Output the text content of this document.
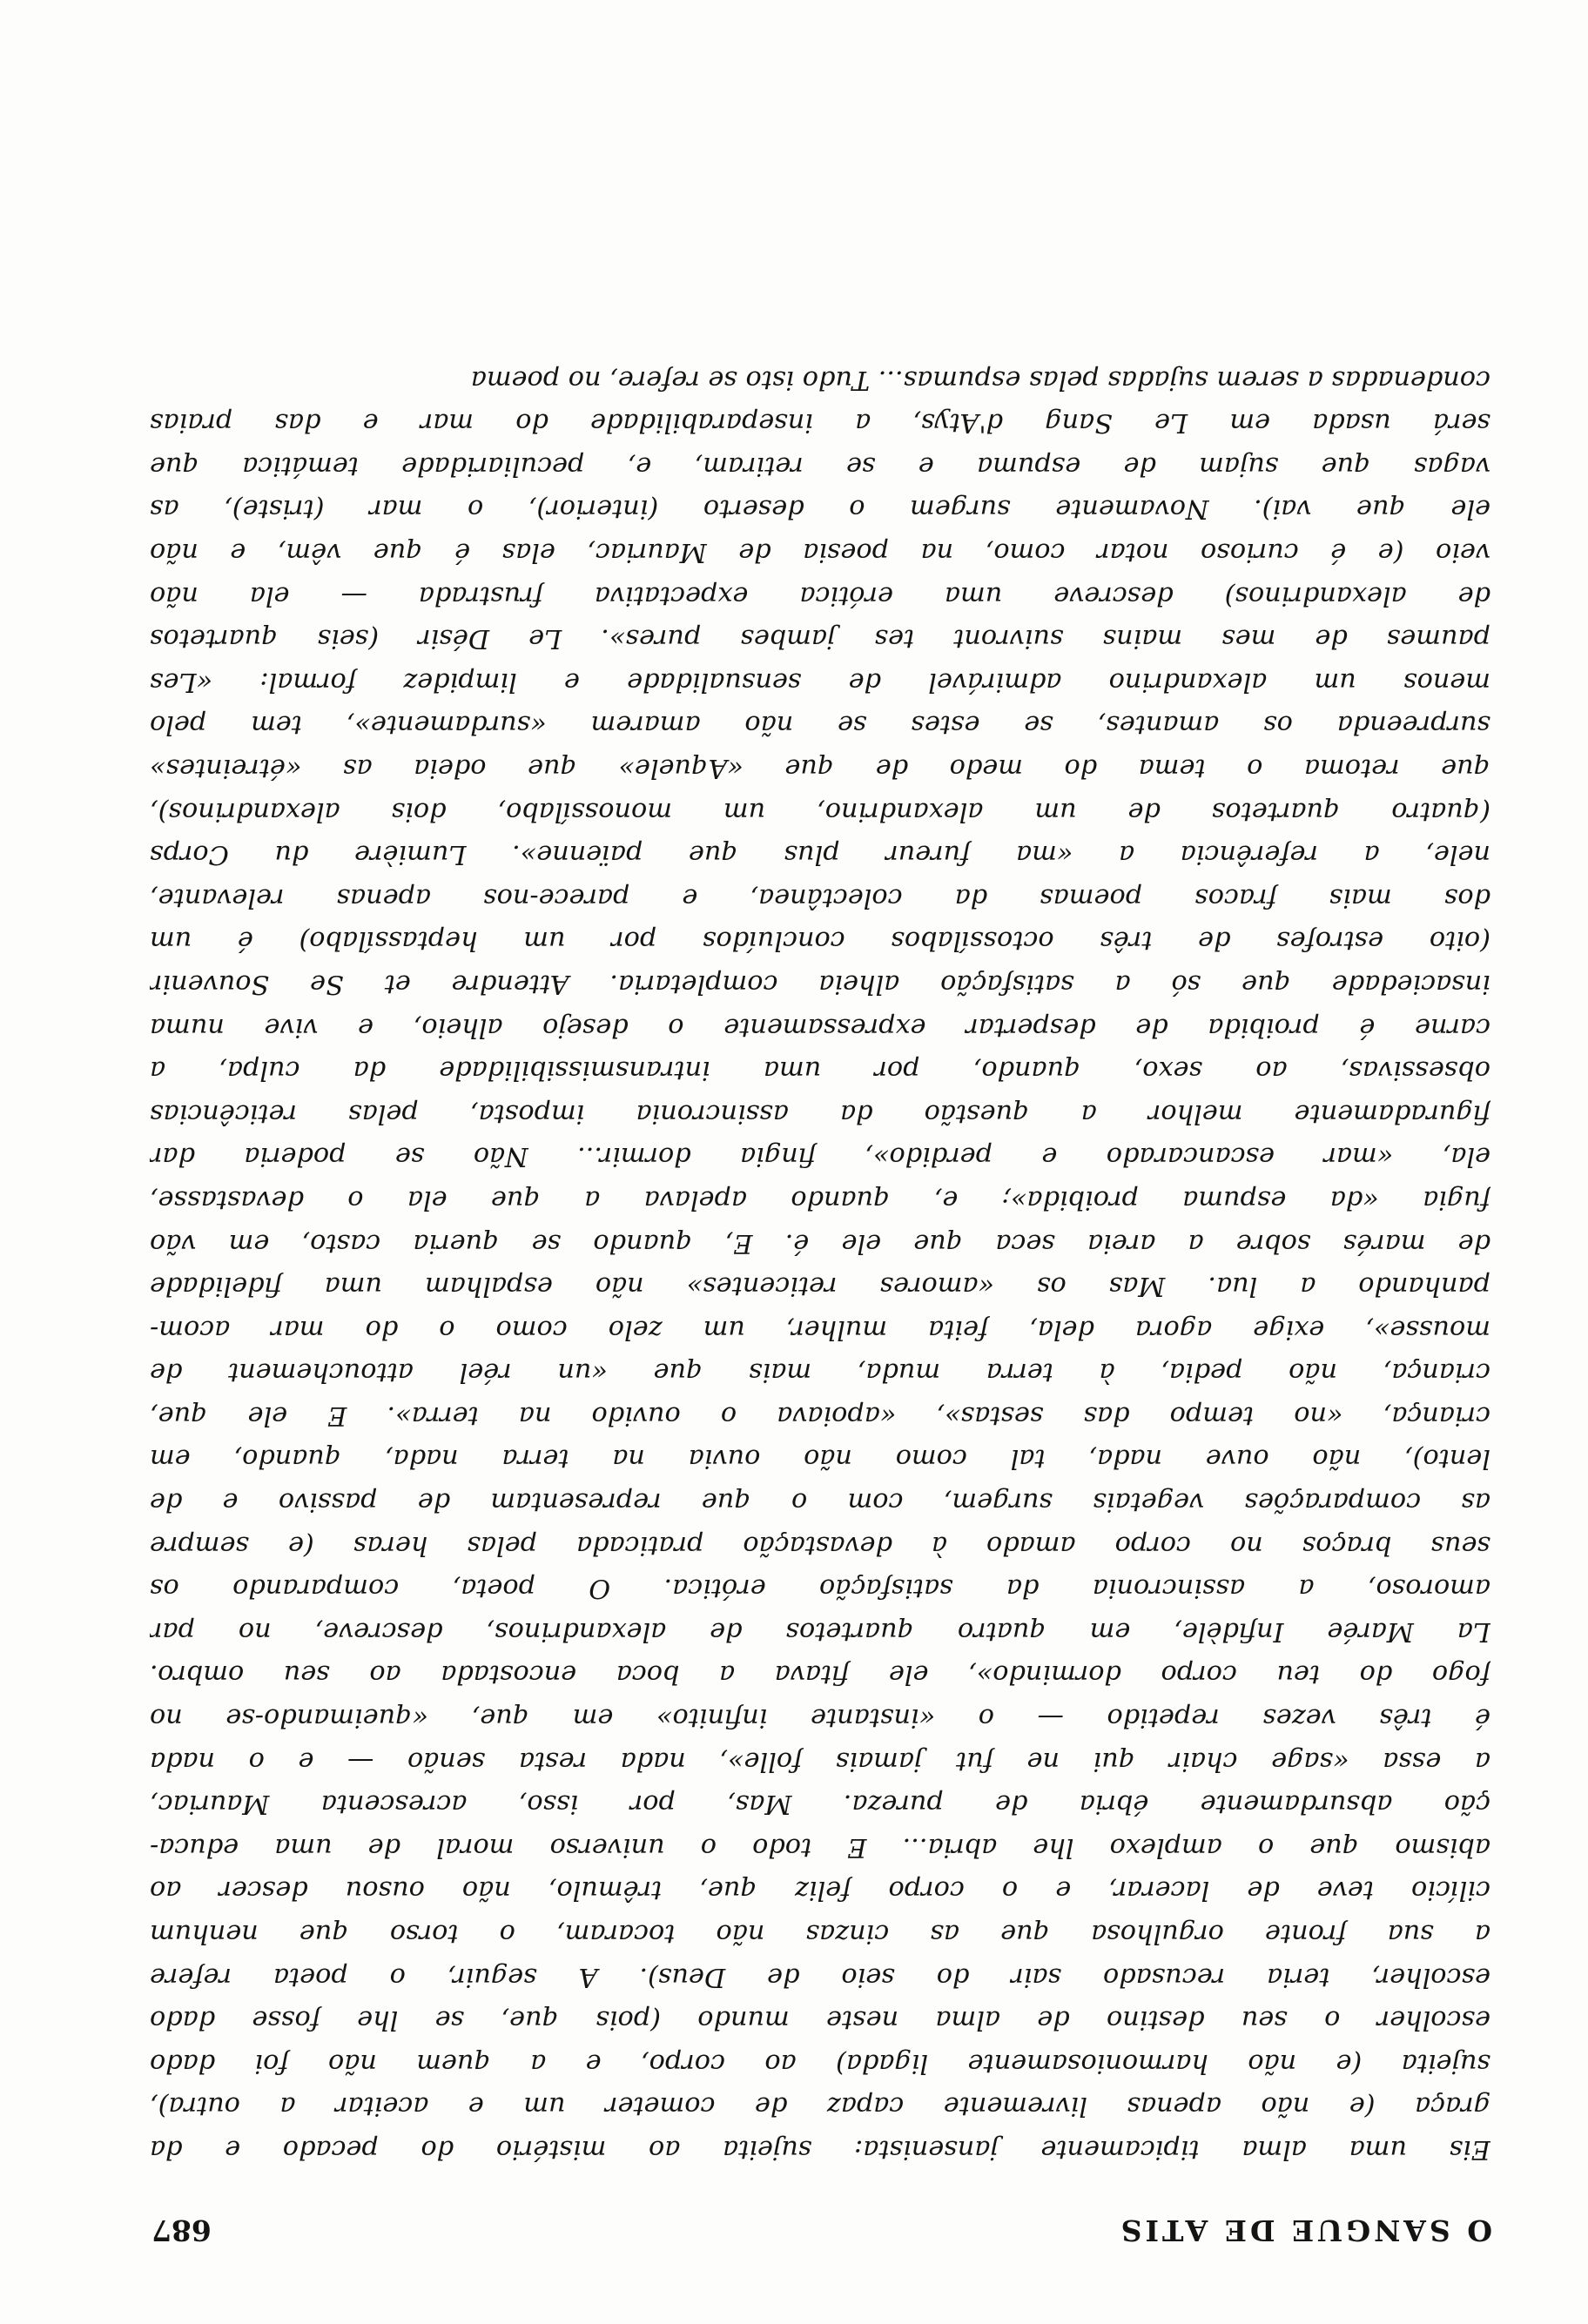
O SANGUE DE ATIS
687
Eis uma alma tipicamente jansenista: sujeita ao mistério do pecado e da
graça (e não apenas livremente capaz de cometer um e aceitar a outra),
sujeita (e não harmoniosamente ligada) ao corpo, e a quem não foi dado
escolher o seu destino de alma neste mundo (pois que, se lhe fosse dado
escolher, teria recusado sair do seio de Deus). A seguir, o poeta refere
a sua fronte orgulhosa que as cinzas não tocaram, o torso que nenhum
cilício teve de lacerar, e o corpo feliz que, trêmulo, não ousou descer ao
abismo que o amplexo lhe abria... E todo o universo moral de uma educa-
ção absurdamente ébria de pureza. Mas, por isso, acrescenta Mauriac,
a essa «sage chair qui ne fut jamais folle», nada resta senão — e o nada
é três vezes repetido — o «instante infinito» em que, «queimando-se no
fogo do teu corpo dormindo», ele fitava a boca encostada ao seu ombro.
La Marée Infidèle, em quatro quartetos de alexandrinos, descreve, no par
amoroso, a assincronia da satisfação erótica. O poeta, comparando os
seus braços no corpo amado à devastação praticada pelas heras (e sempre
as comparações vegetais surgem, com o que representam de passivo e de
lento), não ouve nada, tal como não ouvia na terra nada, quando, em
criança, «no tempo das sestas», «apoiava o ouvido na terra». E ele que,
criança, não pedia, à terra muda, mais que «un réel attouchement de
mousse», exige agora dela, feita mulher, um zelo como o do mar acom-
panhando a lua. Mas os «amores reticentes» não espalham uma fidelidade
de marés sobre a areia seca que ele é. E, quando se queria casto, em vão
fugia «da espuma proibida»; e, quando apelava a que ela o devastasse,
ela, «mar escancarado e perdido», fingia dormir... Não se poderia dar
figuradamente melhor a questão da assincronia imposta, pelas reticências
obsessivas, ao sexo, quando, por uma intransmissibilidade da culpa, a
carne é proibida de despertar expressamente o desejo alheio, e vive numa
insaciedade que só a satisfação alheia completaria. Attendre et Se Souvenir
(oito estrofes de três octossílabos concluídos por um heptassílabo) é um
dos mais fracos poemas da colectânea, e parece-nos apenas relevante,
nele, a referência a «ma fureur plus que païenne». Lumière du Corps
(quatro quartetos de um alexandrino, um monossílabo, dois alexandrinos),
que retoma o tema do medo de que «Aquele» que odeia as «étreintes»
surpreenda os amantes, se estes se não amarem «surdamente», tem pelo
menos um alexandrino admirável de sensualidade e limpidez formal: «Les
paumes de mes mains suivront tes jambes pures». Le Désir (seis quartetos
de alexandrinos) descreve uma erótica expectativa frustrada — ela não
veio (e é curioso notar como, na poesia de Mauriac, elas é que vêm, e não
ele que vai). Novamente surgem o deserto (interior), o mar (triste), as
vagas que sujam de espuma e se retiram, e, peculiaridade temática que
será usada em Le Sang d'Atys, a inseparabilidade do mar e das praias
condenadas a serem sujadas pelas espumas... Tudo isto se refere, no poema
